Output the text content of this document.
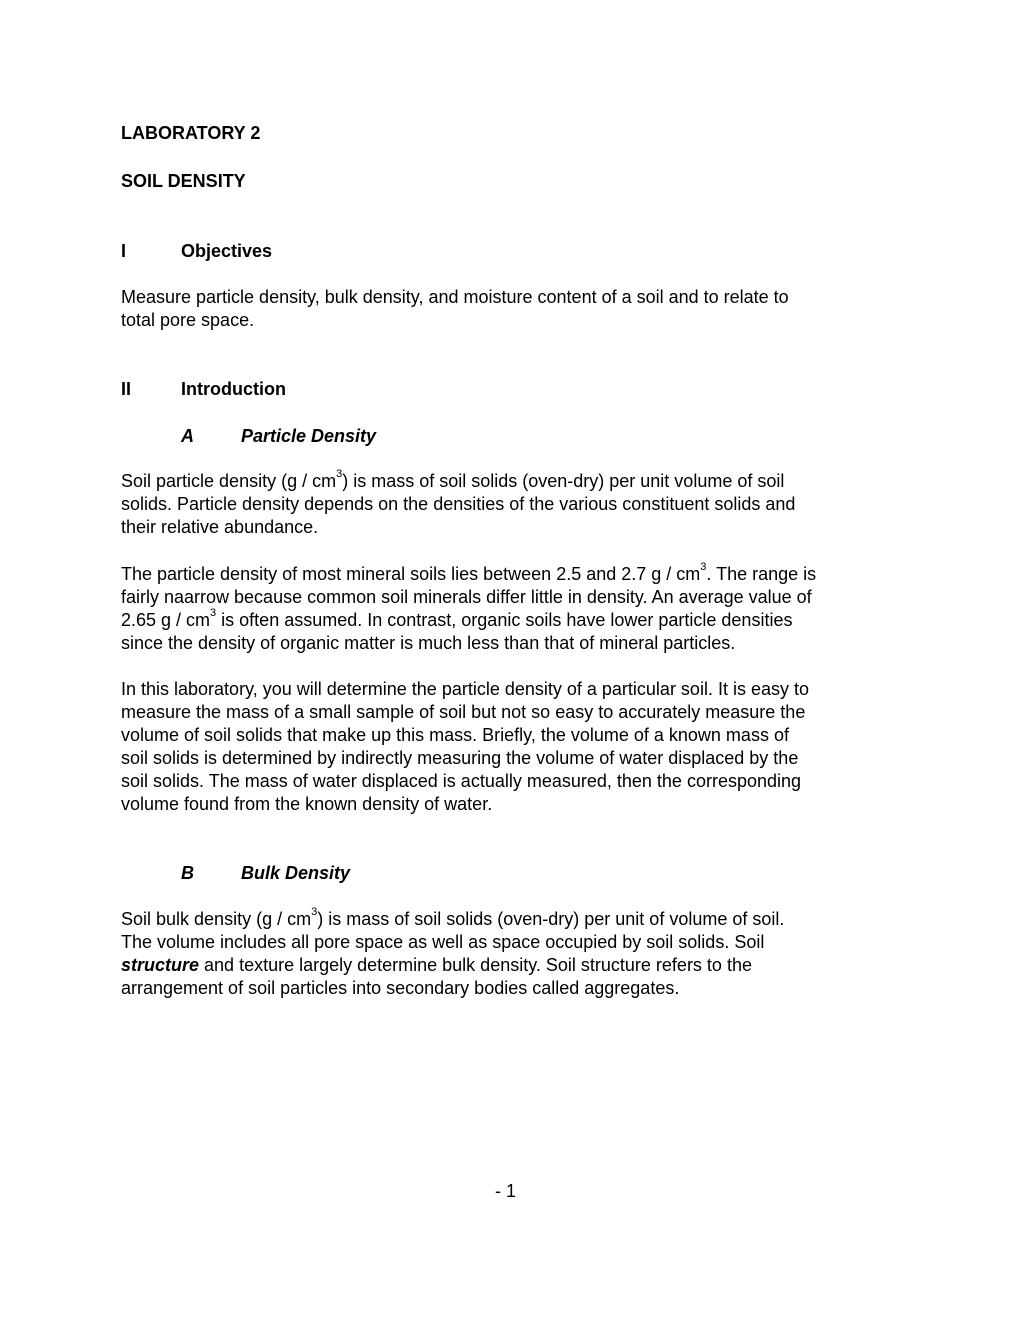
LABORATORY 2
SOIL DENSITY
I	Objectives
Measure particle density, bulk density, and moisture content of a soil and to relate to
total pore space.
II	Introduction
A	Particle Density
Soil particle density $(g / cm^3)$ is mass of soil solids (oven-dry) per unit volume of soil
solids. Particle density depends on the densities of the various constituent solids and
their relative abundance.
The particle density of most mineral soils lies between 2.5 and 2.7 g / $cm^3$. The range is
fairly naarrow because common soil minerals differ little in density. An average value of
2.65 g / $cm^3$ is often assumed. In contrast, organic soils have lower particle densities
since the density of organic matter is much less than that of mineral particles.
In this laboratory, you will determine the particle density of a particular soil. It is easy to
measure the mass of a small sample of soil but not so easy to accurately measure the
volume of soil solids that make up this mass. Briefly, the volume of a known mass of
soil solids is determined by indirectly measuring the volume of water displaced by the
soil solids. The mass of water displaced is actually measured, then the corresponding
volume found from the known density of water.
B	Bulk Density
Soil bulk density $(g / cm^3)$ is mass of soil solids (oven-dry) per unit of volume of soil.
The volume includes all pore space as well as space occupied by soil solids. Soil
structure and texture largely determine bulk density. Soil structure refers to the
arrangement of soil particles into secondary bodies called aggregates.
- 1
